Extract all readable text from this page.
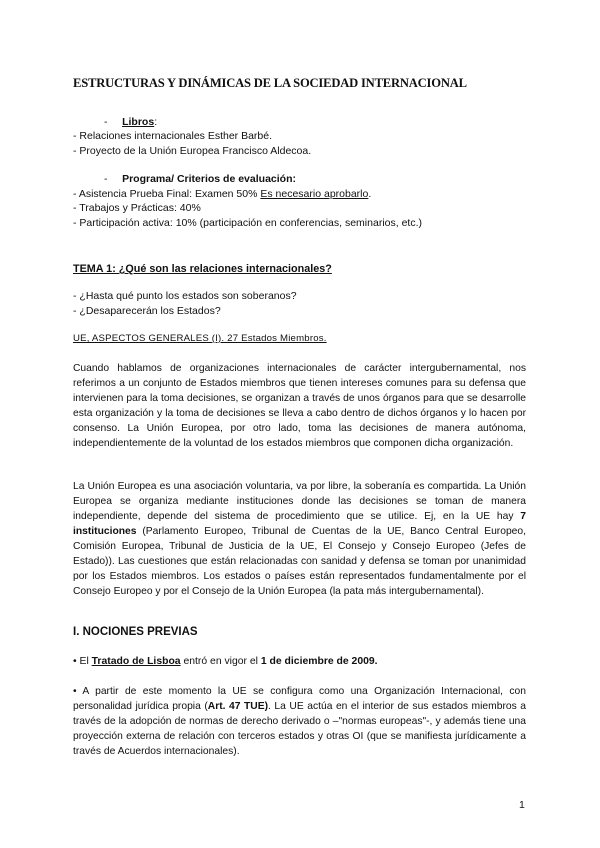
ESTRUCTURAS Y DINÁMICAS DE LA SOCIEDAD INTERNACIONAL
- Libros:
- Relaciones internacionales Esther Barbé.
- Proyecto de la Unión Europea Francisco Aldecoa.
- Programa/ Criterios de evaluación:
- Asistencia Prueba Final: Examen 50% Es necesario aprobarlo.
- Trabajos y Prácticas: 40%
- Participación activa: 10% (participación en conferencias, seminarios, etc.)
TEMA 1: ¿Qué son las relaciones internacionales?
- ¿Hasta qué punto los estados son soberanos?
- ¿Desaparecerán los Estados?
UE, ASPECTOS GENERALES (I). 27 Estados Miembros.

Cuando hablamos de organizaciones internacionales de carácter intergubernamental, nos referimos a un conjunto de Estados miembros que tienen intereses comunes para su defensa que intervienen para la toma decisiones, se organizan a través de unos órganos para que se desarrolle esta organización y la toma de decisiones se lleva a cabo dentro de dichos órganos y lo hacen por consenso. La Unión Europea, por otro lado, toma las decisiones de manera autónoma, independientemente de la voluntad de los estados miembros que componen dicha organización.

La Unión Europea es una asociación voluntaria, va por libre, la soberanía es compartida. La Unión Europea se organiza mediante instituciones donde las decisiones se toman de manera independiente, depende del sistema de procedimiento que se utilice. Ej, en la UE hay 7 instituciones (Parlamento Europeo, Tribunal de Cuentas de la UE, Banco Central Europeo, Comisión Europea, Tribunal de Justicia de la UE, El Consejo y Consejo Europeo (Jefes de Estado)). Las cuestiones que están relacionadas con sanidad y defensa se toman por unanimidad por los Estados miembros. Los estados o países están representados fundamentalmente por el Consejo Europeo y por el Consejo de la Unión Europea (la pata más intergubernamental).

I. NOCIONES PREVIAS
• El Tratado de Lisboa entró en vigor el 1 de diciembre de 2009.

• A partir de este momento la UE se configura como una Organización Internacional, con personalidad jurídica propia (Art. 47 TUE). La UE actúa en el interior de sus estados miembros a través de la adopción de normas de derecho derivado o –"normas europeas"-, y además tiene una proyección externa de relación con terceros estados y otras OI (que se manifiesta jurídicamente a través de Acuerdos internacionales).

1
